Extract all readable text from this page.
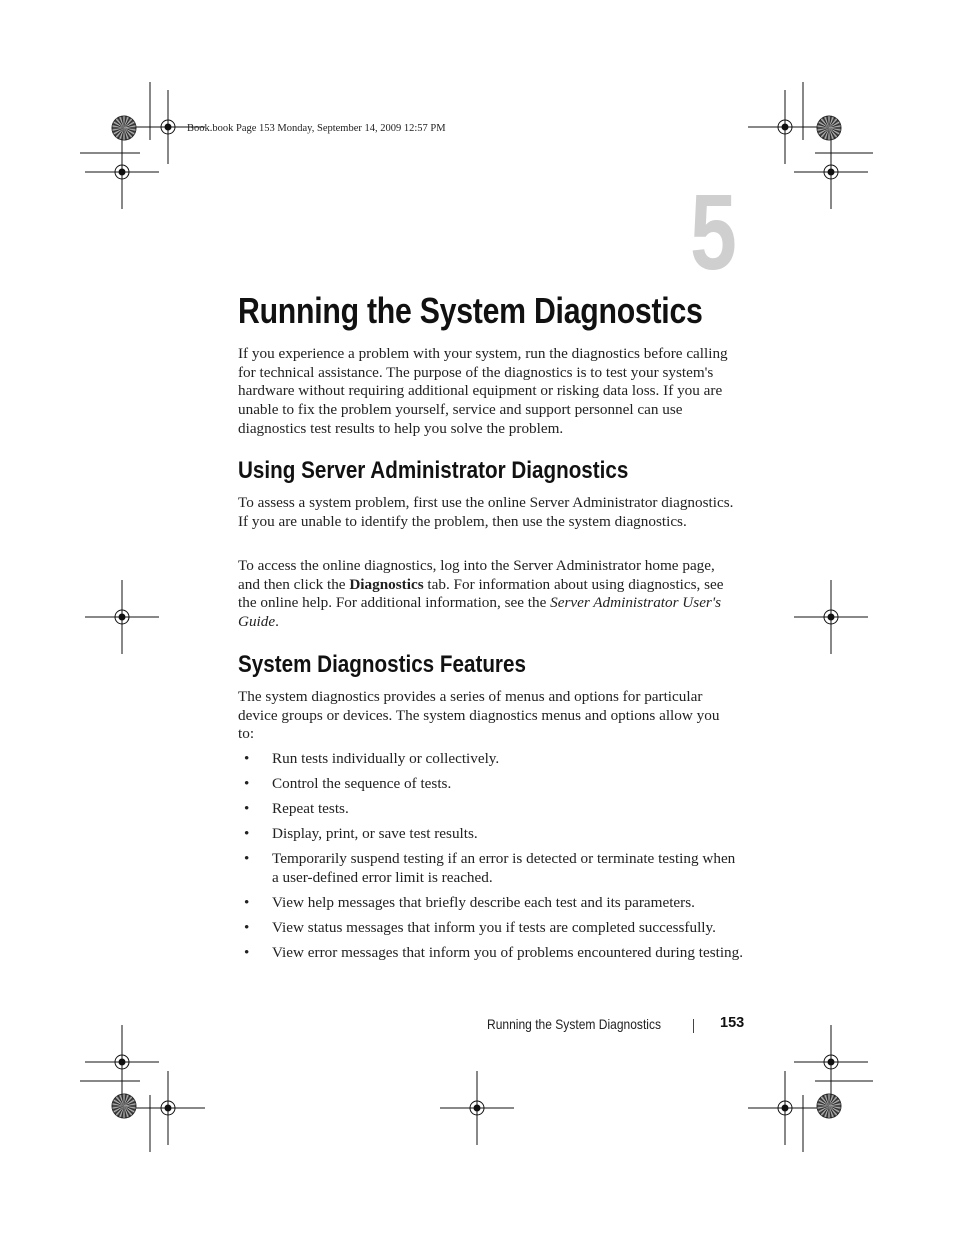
Book.book Page 153 Monday, September 14, 2009 12:57 PM
5
Running the System Diagnostics
If you experience a problem with your system, run the diagnostics before calling for technical assistance. The purpose of the diagnostics is to test your system's hardware without requiring additional equipment or risking data loss. If you are unable to fix the problem yourself, service and support personnel can use diagnostics test results to help you solve the problem.
Using Server Administrator Diagnostics
To assess a system problem, first use the online Server Administrator diagnostics. If you are unable to identify the problem, then use the system diagnostics.
To access the online diagnostics, log into the Server Administrator home page, and then click the Diagnostics tab. For information about using diagnostics, see the online help. For additional information, see the Server Administrator User's Guide.
System Diagnostics Features
The system diagnostics provides a series of menus and options for particular device groups or devices. The system diagnostics menus and options allow you to:
• Run tests individually or collectively.
• Control the sequence of tests.
• Repeat tests.
• Display, print, or save test results.
• Temporarily suspend testing if an error is detected or terminate testing when a user-defined error limit is reached.
• View help messages that briefly describe each test and its parameters.
• View status messages that inform you if tests are completed successfully.
• View error messages that inform you of problems encountered during testing.
Running the System Diagnostics	153
